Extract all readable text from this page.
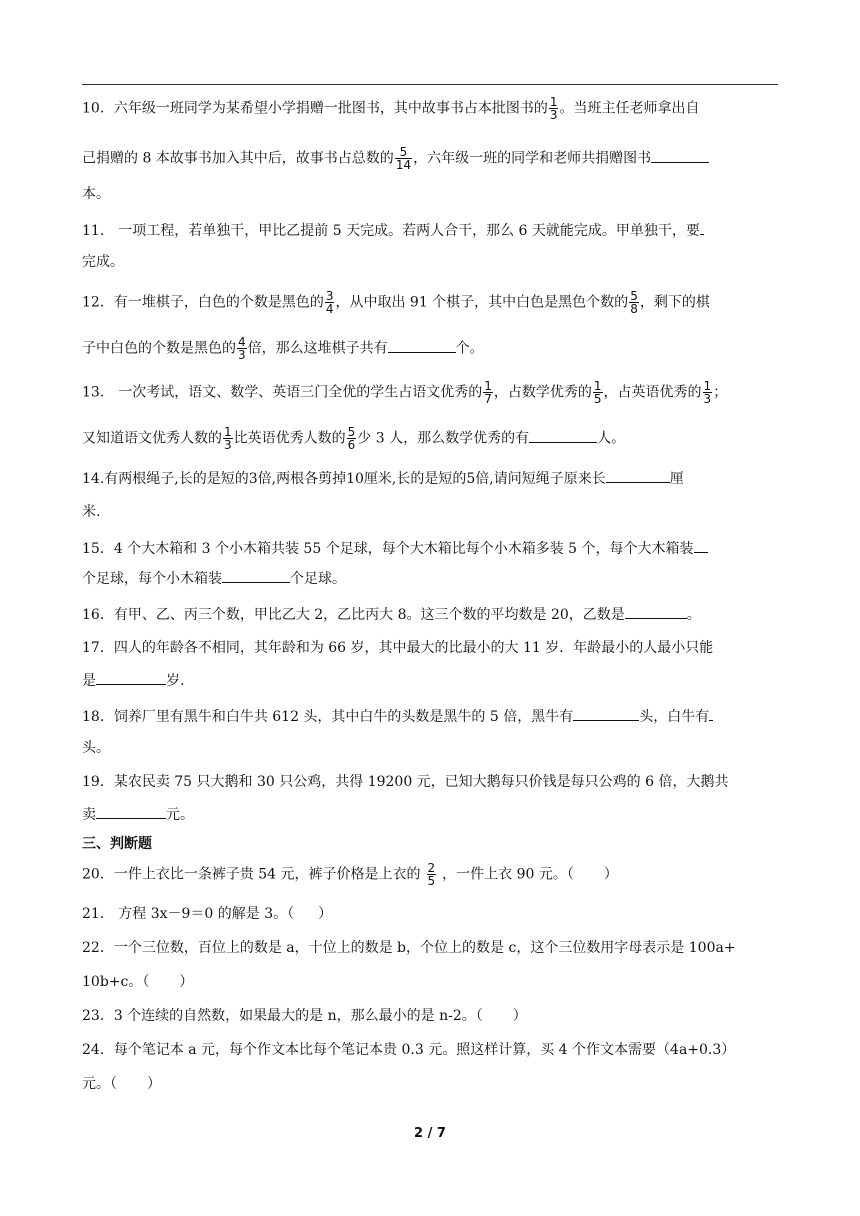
10．六年级一班同学为某希望小学捐赠一批图书，其中故事书占本批图书的 $\frac{1}{3}$ 。当班主任老师拿出自
己捐赠的 8 本故事书加入其中后，故事书占总数的 $\frac{5}{14}$ ，六年级一班的同学和老师共捐赠图书
本。
11． 一项工程，若单独干，甲比乙提前 5 天完成。若两人合干，那么 6 天就能完成。甲单独干，要
完成。
12．有一堆棋子，白色的个数是黑色的 $\frac{3}{4}$ ，从中取出 91 个棋子，其中白色是黑色个数的 $\frac{5}{8}$ ，剩下的棋
子中白色的个数是黑色的 $\frac{4}{3}$ 倍，那么这堆棋子共有	个。
13． 一次考试，语文、数学、英语三门全优的学生占语文优秀的 $\frac{1}{7}$ ，占数学优秀的 $\frac{1}{5}$ ，占英语优秀的 $\frac{1}{3}$ ；
又知道语文优秀人数的 $\frac{1}{3}$ 比英语优秀人数的 $\frac{5}{6}$ 少 3 人，那么数学优秀的有	人。
14.有两根绳子,长的是短的3倍,两根各剪掉10厘米,长的是短的5倍,请问短绳子原来长	厘
米.
15．4 个大木箱和 3 个小木箱共装 55 个足球，每个大木箱比每个小木箱多装 5 个，每个大木箱装
个足球，每个小木箱装	个足球。
16．有甲、乙、丙三个数，甲比乙大 2，乙比丙大 8。这三个数的平均数是 20，乙数是	。
17．四人的年龄各不相同，其年龄和为 66 岁，其中最大的比最小的大 11 岁．年龄最小的人最小只能
是	岁.
18．饲养厂里有黑牛和白牛共 612 头，其中白牛的头数是黑牛的 5 倍，黑牛有	头，白牛有
头。
19．某农民卖 75 只大鹅和 30 只公鸡，共得 19200 元，已知大鹅每只价钱是每只公鸡的 6 倍，大鹅共
卖	元。
三、判断题
20．一件上衣比一条裤子贵 54 元，裤子价格是上衣的 $\frac{2}{5}$ ，一件上衣 90 元。（ ）
21． 方程 3x－9＝0 的解是 3。（ ）
22．一个三位数，百位上的数是 a，十位上的数是 b，个位上的数是 c，这个三位数用字母表示是 100a+
10b+c。（ ）
23．3 个连续的自然数，如果最大的是 n，那么最小的是 n-2。（ ）
24．每个笔记本 a 元，每个作文本比每个笔记本贵 0.3 元。照这样计算，买 4 个作文本需要（4a+0.3）
元。（ ）
2 / 7
